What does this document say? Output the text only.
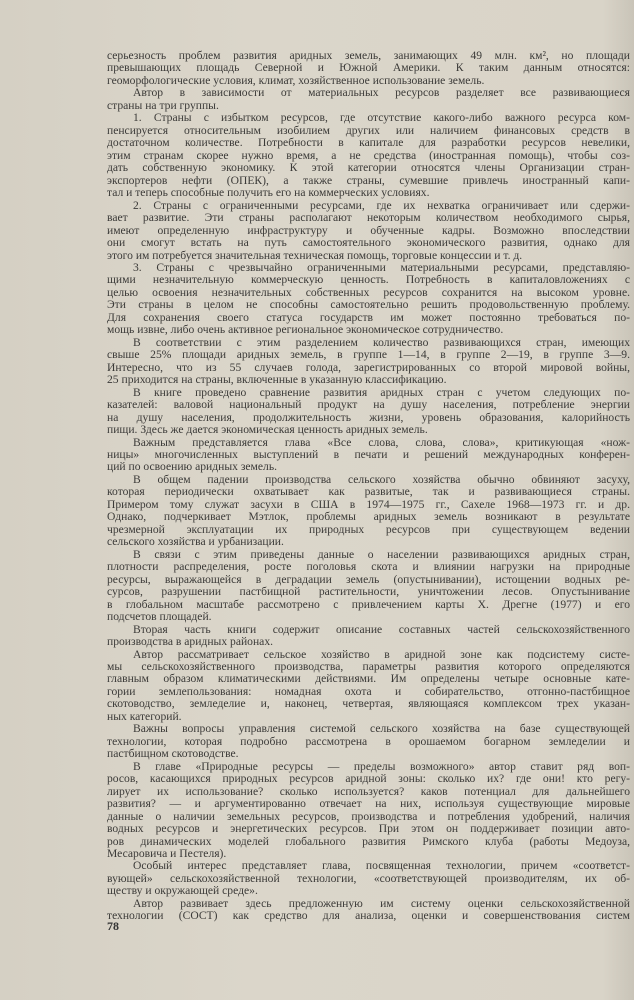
серьезность проблем развития аридных земель, занимающих 49 млн. км², но площади
превышающих площадь Северной и Южной Америки. К таким данным относятся:
геоморфологические условия, климат, хозяйственное использование земель.
Автор в зависимости от материальных ресурсов разделяет все развивающиеся
страны на три группы.
1. Страны с избытком ресурсов, где отсутствие какого-либо важного ресурса ком-
пенсируется относительным изобилием других или наличием финансовых средств в
достаточном количестве. Потребности в капитале для разработки ресурсов невелики,
этим странам скорее нужно время, а не средства (иностранная помощь), чтобы соз-
дать собственную экономику. К этой категории относятся члены Организации стран-
экспортеров нефти (ОПЕК), а также страны, сумевшие привлечь иностранный капи-
тал и теперь способные получить его на коммерческих условиях.
2. Страны с ограниченными ресурсами, где их нехватка ограничивает или сдержи-
вает развитие. Эти страны располагают некоторым количеством необходимого сырья,
имеют определенную инфраструктуру и обученные кадры. Возможно впоследствии
они смогут встать на путь самостоятельного экономического развития, однако для
этого им потребуется значительная техническая помощь, торговые концессии и т. д.
3. Страны с чрезвычайно ограниченными материальными ресурсами, представляю-
щими незначительную коммерческую ценность. Потребность в капиталовложениях с
целью освоения незначительных собственных ресурсов сохранится на высоком уровне.
Эти страны в целом не способны самостоятельно решить продовольственную проблему.
Для сохранения своего статуса государств им может постоянно требоваться по-
мощь извне, либо очень активное региональное экономическое сотрудничество.
В соответствии с этим разделением количество развивающихся стран, имеющих
свыше 25% площади аридных земель, в группе 1—14, в группе 2—19, в группе 3—9.
Интересно, что из 55 случаев голода, зарегистрированных со второй мировой войны,
25 приходится на страны, включенные в указанную классификацию.
В книге проведено сравнение развития аридных стран с учетом следующих по-
казателей: валовой национальный продукт на душу населения, потребление энергии
на душу населения, продолжительность жизни, уровень образования, калорийность
пищи. Здесь же дается экономическая ценность аридных земель.
Важным представляется глава «Все слова, слова, слова», критикующая «нож-
ницы» многочисленных выступлений в печати и решений международных конферен-
ций по освоению аридных земель.
В общем падении производства сельского хозяйства обычно обвиняют засуху,
которая периодически охватывает как развитые, так и развивающиеся страны.
Примером тому служат засухи в США в 1974—1975 гг., Сахеле 1968—1973 гг. и др.
Однако, подчеркивает Мэтлок, проблемы аридных земель возникают в результате
чрезмерной эксплуатации их природных ресурсов при существующем ведении
сельского хозяйства и урбанизации.
В связи с этим приведены данные о населении развивающихся аридных стран,
плотности распределения, росте поголовья скота и влиянии нагрузки на природные
ресурсы, выражающейся в деградации земель (опустынивании), истощении водных ре-
сурсов, разрушении пастбищной растительности, уничтожении лесов. Опустынивание
в глобальном масштабе рассмотрено с привлечением карты Х. Дрегне (1977) и его
подсчетов площадей.
Вторая часть книги содержит описание составных частей сельскохозяйственного
производства в аридных районах.
Автор рассматривает сельское хозяйство в аридной зоне как подсистему систе-
мы сельскохозяйственного производства, параметры развития которого определяются
главным образом климатическими действиями. Им определены четыре основные кате-
гории землепользования: номадная охота и собирательство, отгонно-пастбищное
скотоводство, земледелие и, наконец, четвертая, являющаяся комплексом трех указан-
ных категорий.
Важны вопросы управления системой сельского хозяйства на базе существующей
технологии, которая подробно рассмотрена в орошаемом богарном земледелии и
пастбищном скотоводстве.
В главе «Природные ресурсы — пределы возможного» автор ставит ряд воп-
росов, касающихся природных ресурсов аридной зоны: сколько их? где они! кто регу-
лирует их использование? сколько используется? каков потенциал для дальнейшего
развития? — и аргументированно отвечает на них, используя существующие мировые
данные о наличии земельных ресурсов, производства и потребления удобрений, наличия
водных ресурсов и энергетических ресурсов. При этом он поддерживает позиции авто-
ров динамических моделей глобального развития Римского клуба (работы Медоуза,
Месаровича и Пестеля).
Особый интерес представляет глава, посвященная технологии, причем «соответст-
вующей» сельскохозяйственной технологии, «соответствующей производителям, их об-
ществу и окружающей среде».
Автор развивает здесь предложенную им систему оценки сельскохозяйственной
технологии (СОСТ) как средство для анализа, оценки и совершенствования систем
78
